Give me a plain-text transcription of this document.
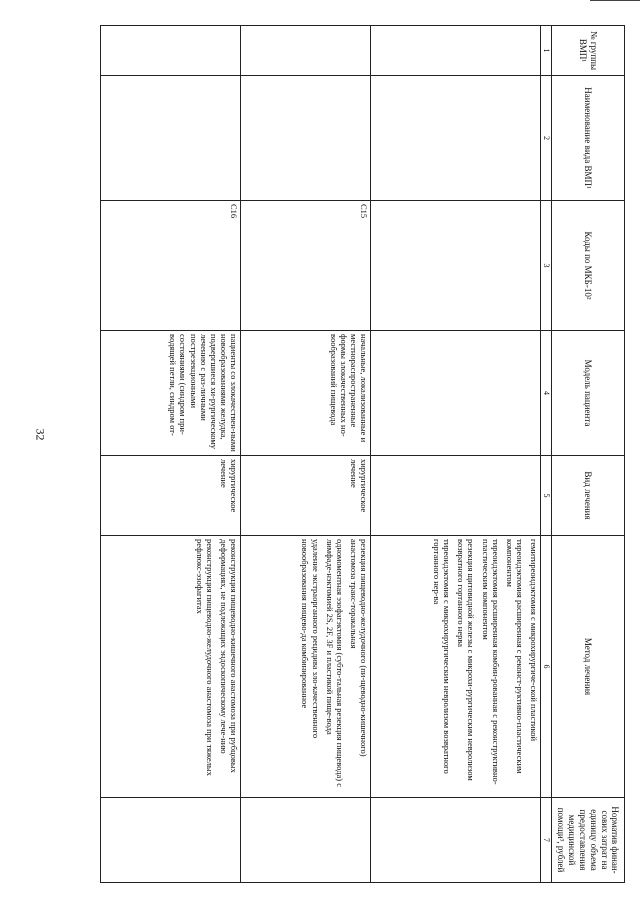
32
№ группы ВМП¹	Наименование вида ВМП¹	Коды по МКБ-10²	Модель пациента	Вид лечения	Метод лечения	Норматив финан-сових затрат на единицу объема предоставления медицинской помощи³, рублей
1	2	3	4	5	6	7

					гемитиреоидэктомия с микрохирургиче-ской пластикой
тиреоидэктомия расширенная с реконст-руктивно-пластическим компонентом
тиреоидэктомия расширенная комбин-рованная с реконструктивно-пластическим компонентом
резекция щитовидной железы с микрохи-рургическим невролизом возвратного гортанного нерва
тиреоидэктомия с микрохирургическим невролизом возвратного гортанного нер-ва	

		С15	начальные, локализованные и местнораспространенные формы злокачественных но-вообразований пищевода	хирургическое лечение	резекция пищеводно-желудочного (пи-щеводно-кишечного) анастомоза транс-торакальная
одномоментная эзофагэктомия (субто-тальная резекция пищевода) с лимфаде-нэктомией 2S, 2F, 3F и пластикой пище-вода
удаление экстраорганного рецидива зло-качественного новообразования пищево-да комбинированное	

		С16	пациенты со злокачествен-ными новообразованиями желудка, подвергшиеся хи-рургическому лечению с раз-личными пострезекционными состояниями (синдром при-водящей петли, синдром от-	хирургическое лечение	реконструкция пищеводно-кишечного анастомоза при рубцовых деформациях, не подлежащих эндоскопическому лече-нию
реконструкция пищеводно-желудочного анастомоза при тяжелых рефлюкс-эзофагитах	
